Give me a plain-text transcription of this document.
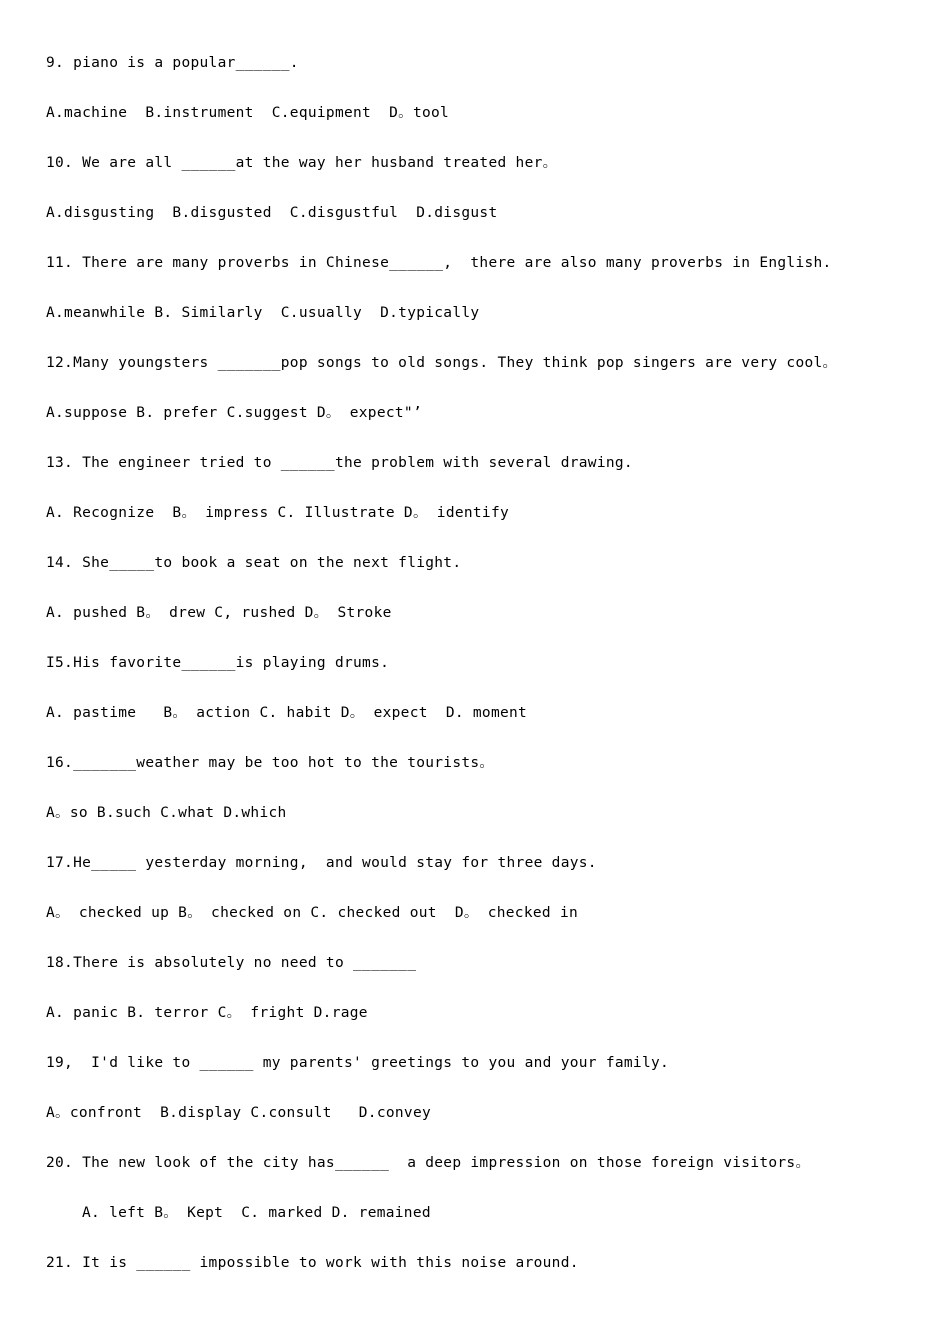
9. piano is a popular______.

A.machine  B.instrument  C.equipment  D。tool

10. We are all ______at the way her husband treated her。

A.disgusting  B.disgusted  C.disgustful  D.disgust

11. There are many proverbs in Chinese______,  there are also many proverbs in English.

A.meanwhile B. Similarly  C.usually  D.typically

12.Many youngsters _______pop songs to old songs. They think pop singers are very cool。

A.suppose B. prefer C.suggest D。 expect"’

13. The engineer tried to ______the problem with several drawing.

A. Recognize  B。 impress C. Illustrate D。 identify

14. She_____to book a seat on the next flight.

A. pushed B。 drew C, rushed D。 Stroke

I5.His favorite______is playing drums.

A. pastime   B。 action C. habit D。 expect  D. moment

16._______weather may be too hot to the tourists。

A。so B.such C.what D.which

17.He_____ yesterday morning,  and would stay for three days.

A。 checked up B。 checked on C. checked out  D。 checked in

18.There is absolutely no need to _______

A. panic B. terror C。 fright D.rage

19,  I'd like to ______ my parents' greetings to you and your family.

A。confront  B.display C.consult   D.convey

20. The new look of the city has______  a deep impression on those foreign visitors。

A. left B。 Kept  C. marked D. remained

21. It is ______ impossible to work with this noise around.
